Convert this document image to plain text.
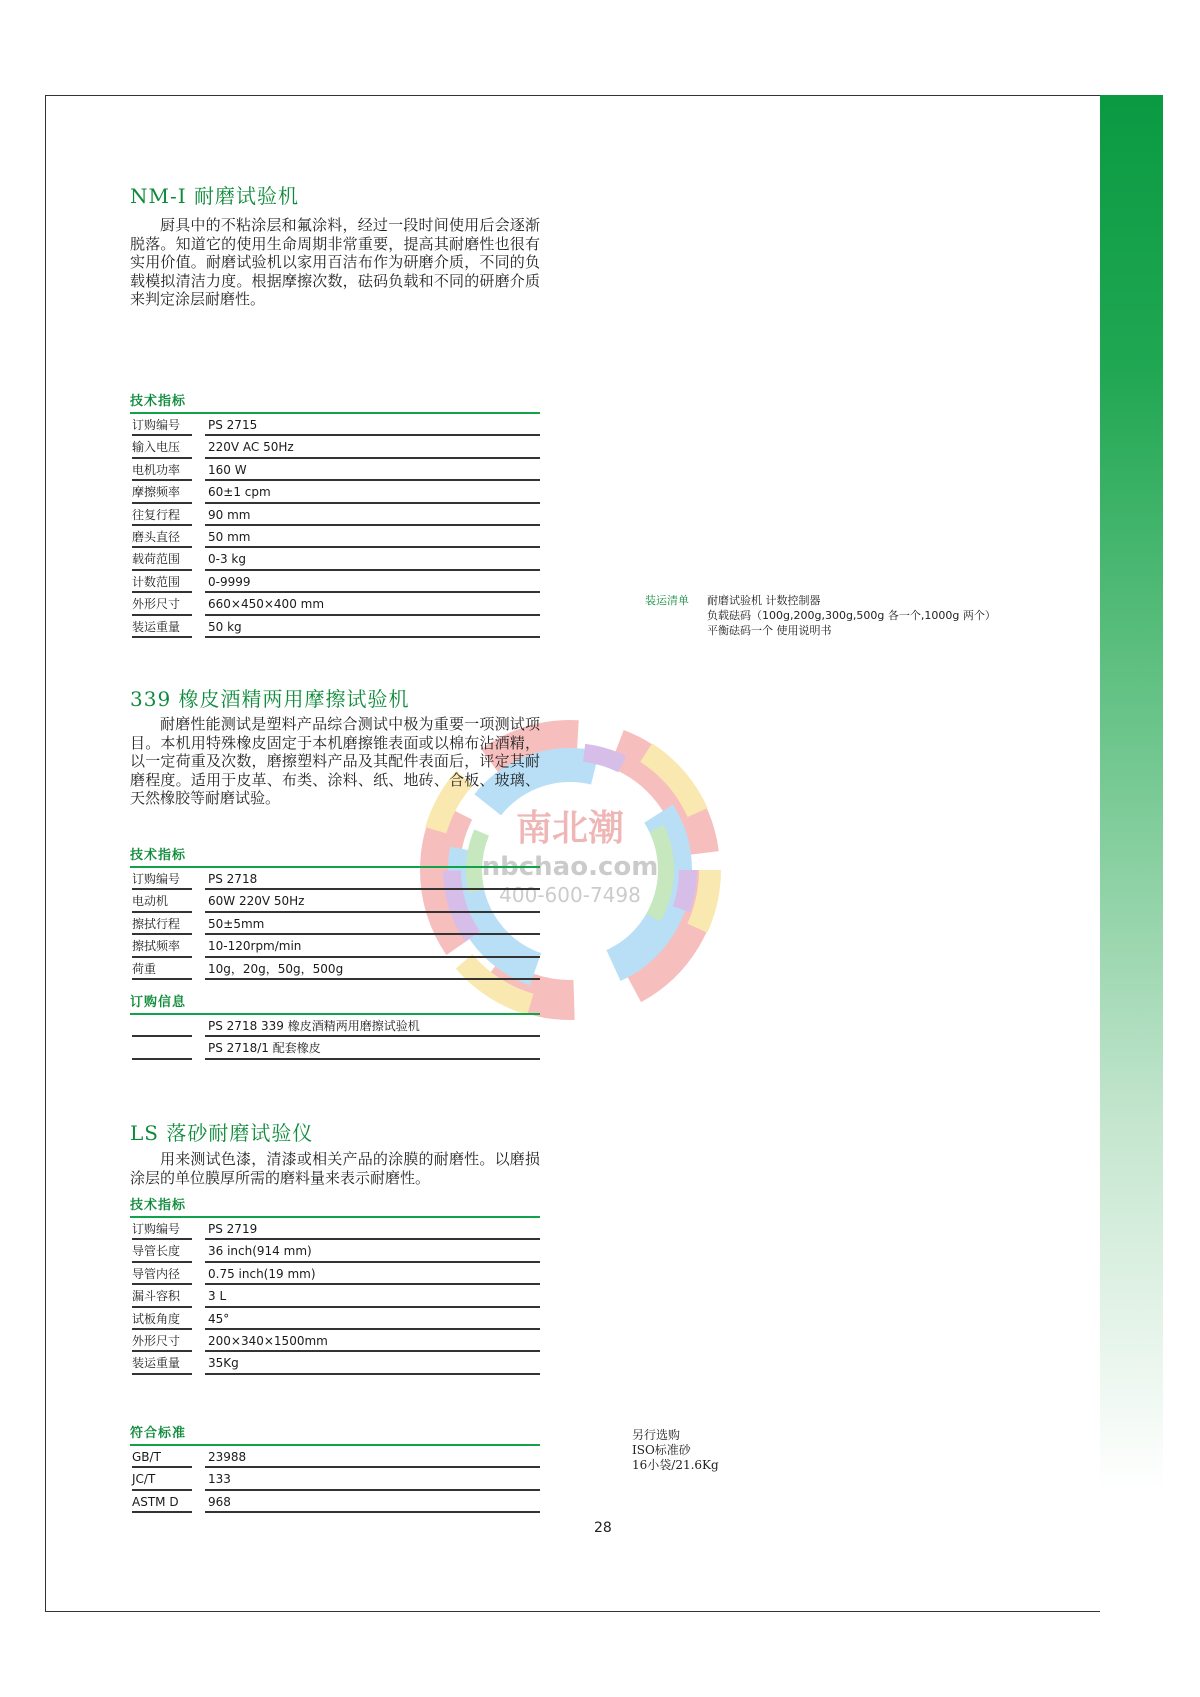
南北潮
nbchao.com
400-600-7498
NM-I 耐磨试验机

厨具中的不粘涂层和氟涂料，经过一段时间使用后会逐渐脱落。知道它的使用生命周期非常重要，提高其耐磨性也很有实用价值。耐磨试验机以家用百洁布作为研磨介质，不同的负载模拟清洁力度。根据摩擦次数，砝码负载和不同的研磨介质来判定涂层耐磨性。

技术指标
订购编号	PS 2715
输入电压	220V AC 50Hz
电机功率	160 W
摩擦频率	60±1 cpm
往复行程	90 mm
磨头直径	50 mm
载荷范围	0-3 kg
计数范围	0-9999
外形尺寸	660×450×400 mm
装运重量	50 kg
装运清单 耐磨试验机 计数控制器
负载砝码（100g,200g,300g,500g 各一个,1000g 两个）
平衡砝码一个 使用说明书
339 橡皮酒精两用摩擦试验机

耐磨性能测试是塑料产品综合测试中极为重要一项测试项目。本机用特殊橡皮固定于本机磨擦锥表面或以棉布沾酒精，以一定荷重及次数，磨擦塑料产品及其配件表面后，评定其耐磨程度。适用于皮革、布类、涂料、纸、地砖、合板、玻璃、天然橡胶等耐磨试验。

技术指标
订购编号	PS 2718
电动机	60W 220V 50Hz
擦拭行程	50±5mm
擦拭频率	10-120rpm/min
荷重	10g，20g，50g，500g
订购信息
PS 2718 339 橡皮酒精两用磨擦试验机
PS 2718/1 配套橡皮
LS 落砂耐磨试验仪

用来测试色漆，清漆或相关产品的涂膜的耐磨性。以磨损涂层的单位膜厚所需的磨料量来表示耐磨性。

技术指标
订购编号	PS 2719
导管长度	36 inch(914 mm)
导管内径	0.75 inch(19 mm)
漏斗容积	3 L
试板角度	45°
外形尺寸	200×340×1500mm
装运重量	35Kg
符合标准
GB/T	23988
JC/T	133
ASTM D	968
另行选购
ISO标准砂
16小袋/21.6Kg
28
